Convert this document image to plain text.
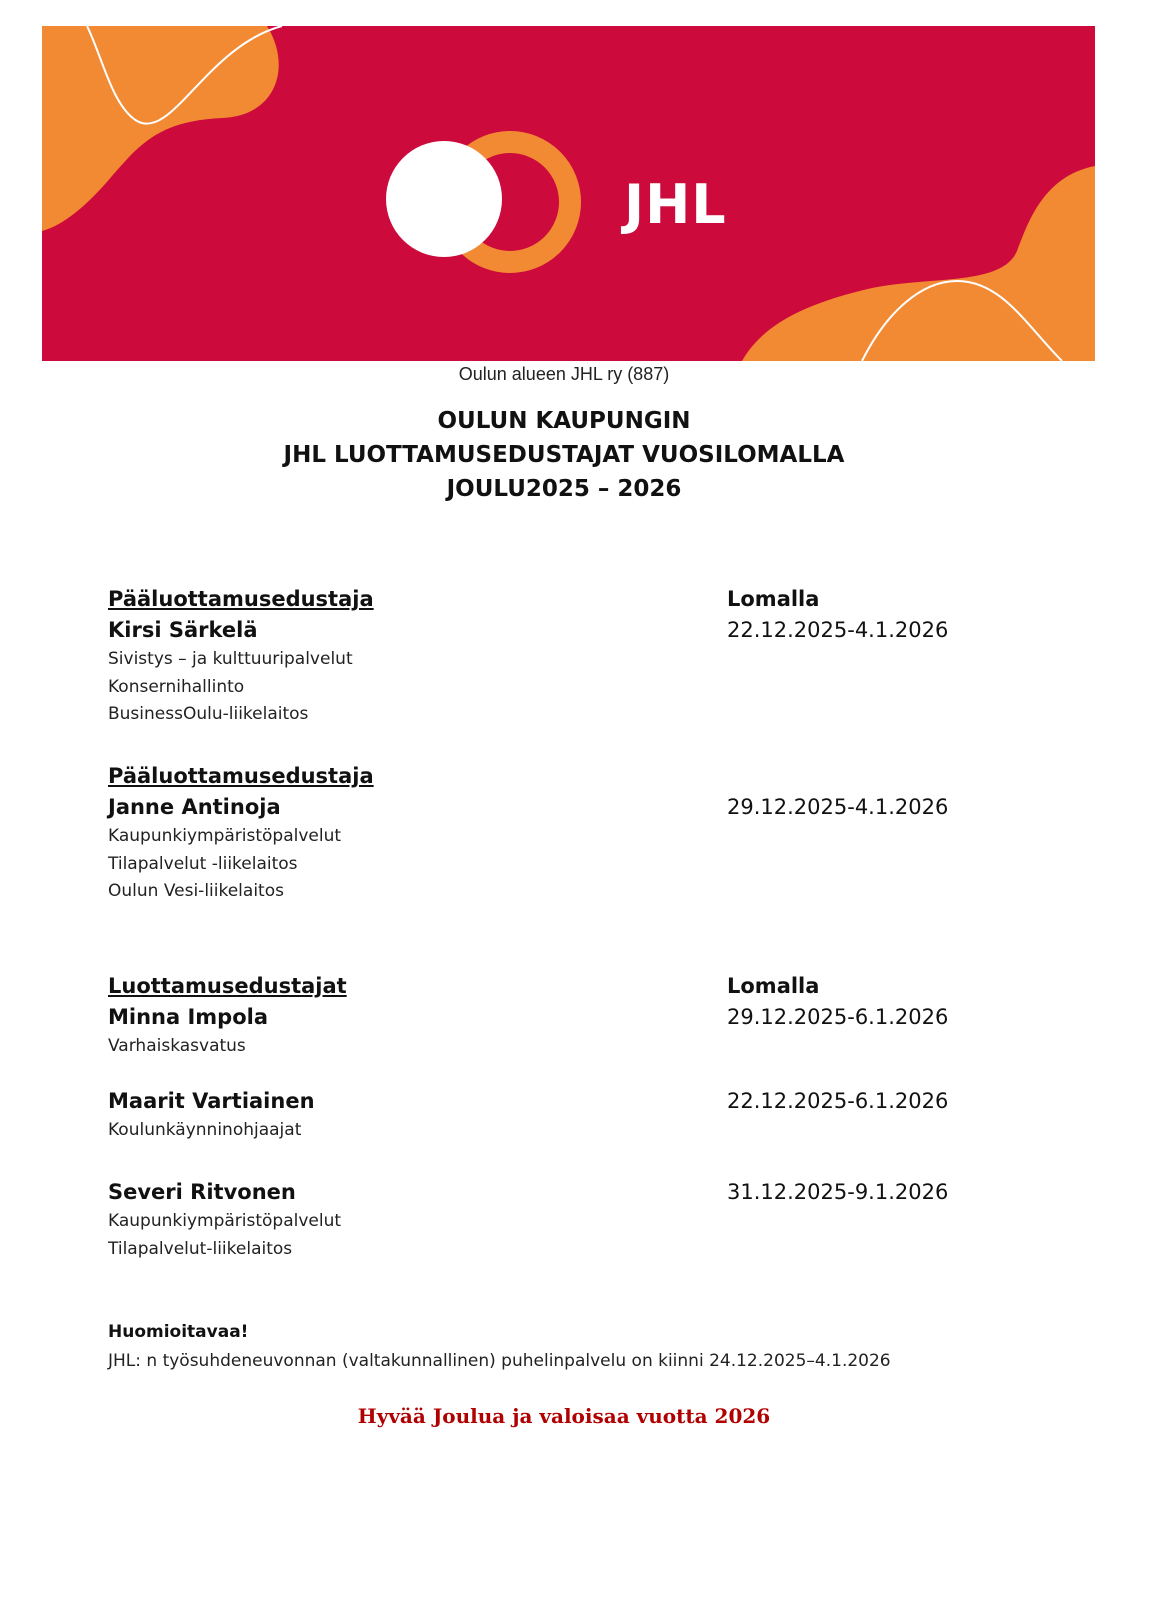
JHL
Oulun alueen JHL ry (887)
OULUN KAUPUNGIN
JHL LUOTTAMUSEDUSTAJAT VUOSILOMALLA
JOULU2025 – 2026
Pääluottamusedustaja	Lomalla
Kirsi Särkelä	22.12.2025-4.1.2026
Sivistys – ja kulttuuripalvelut
Konsernihallinto
BusinessOulu-liikelaitos
Pääluottamusedustaja
Janne Antinoja	29.12.2025-4.1.2026
Kaupunkiympäristöpalvelut
Tilapalvelut -liikelaitos
Oulun Vesi-liikelaitos
Luottamusedustajat	Lomalla
Minna Impola	29.12.2025-6.1.2026
Varhaiskasvatus
Maarit Vartiainen	22.12.2025-6.1.2026
Koulunkäynninohjaajat
Severi Ritvonen	31.12.2025-9.1.2026
Kaupunkiympäristöpalvelut
Tilapalvelut-liikelaitos
Huomioitavaa!
JHL: n työsuhdeneuvonnan (valtakunnallinen) puhelinpalvelu on kiinni 24.12.2025–4.1.2026
Hyvää Joulua ja valoisaa vuotta 2026
